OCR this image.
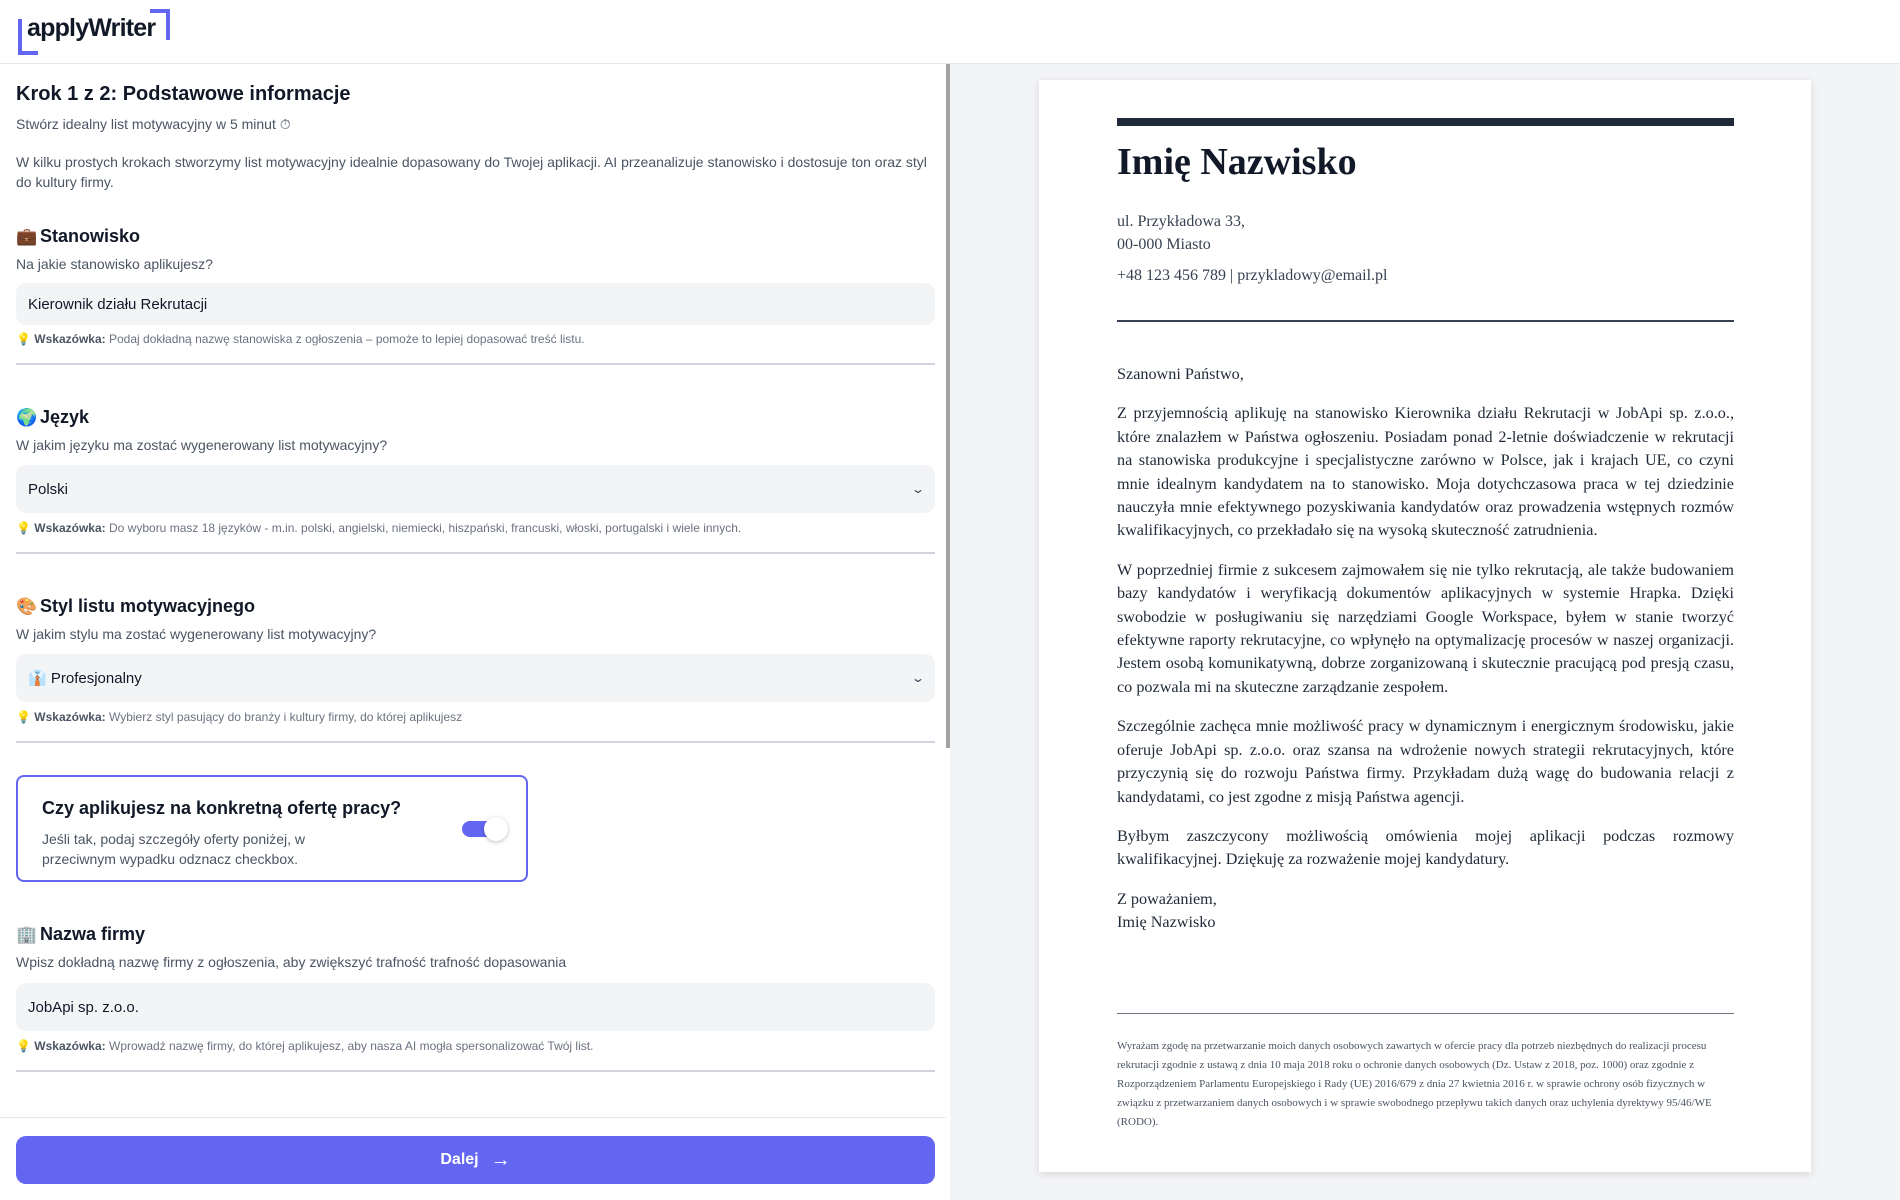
applyWriter
Krok 1 z 2: Podstawowe informacje
Stwórz idealny list motywacyjny w 5 minut ⏱
W kilku prostych krokach stworzymy list motywacyjny idealnie dopasowany do Twojej aplikacji. AI przeanalizuje stanowisko i dostosuje ton oraz styl do kultury firmy.
💼 Stanowisko
Na jakie stanowisko aplikujesz?
Kierownik działu Rekrutacji
💡 Wskazówka: Podaj dokładną nazwę stanowiska z ogłoszenia – pomoże to lepiej dopasować treść listu.
🌍 Język
W jakim języku ma zostać wygenerowany list motywacyjny?
Polski	⌄
💡 Wskazówka: Do wyboru masz 18 języków - m.in. polski, angielski, niemiecki, hiszpański, francuski, włoski, portugalski i wiele innych.
🎨 Styl listu motywacyjnego
W jakim stylu ma zostać wygenerowany list motywacyjny?
👔 Profesjonalny	⌄
💡 Wskazówka: Wybierz styl pasujący do branży i kultury firmy, do której aplikujesz
Czy aplikujesz na konkretną ofertę pracy?
Jeśli tak, podaj szczegóły oferty poniżej, w przeciwnym wypadku odznacz checkbox.
🏢 Nazwa firmy
Wpisz dokładną nazwę firmy z ogłoszenia, aby zwiększyć trafność trafność dopasowania
JobApi sp. z.o.o.
💡 Wskazówka: Wprowadź nazwę firmy, do której aplikujesz, aby nasza AI mogła spersonalizować Twój list.
Dalej →
Imię Nazwisko
ul. Przykładowa 33,
00-000 Miasto
+48 123 456 789 | przykladowy@email.pl

Szanowni Państwo,

Z przyjemnością aplikuję na stanowisko Kierownika działu Rekrutacji w JobApi sp. z.o.o., które znalazłem w Państwa ogłoszeniu. Posiadam ponad 2-letnie doświadczenie w rekrutacji na stanowiska produkcyjne i specjalistyczne zarówno w Polsce, jak i krajach UE, co czyni mnie idealnym kandydatem na to stanowisko. Moja dotychczasowa praca w tej dziedzinie nauczyła mnie efektywnego pozyskiwania kandydatów oraz prowadzenia wstępnych rozmów kwalifikacyjnych, co przekładało się na wysoką skuteczność zatrudnienia.

W poprzedniej firmie z sukcesem zajmowałem się nie tylko rekrutacją, ale także budowaniem bazy kandydatów i weryfikacją dokumentów aplikacyjnych w systemie Hrapka. Dzięki swobodzie w posługiwaniu się narzędziami Google Workspace, byłem w stanie tworzyć efektywne raporty rekrutacyjne, co wpłynęło na optymalizację procesów w naszej organizacji. Jestem osobą komunikatywną, dobrze zorganizowaną i skutecznie pracującą pod presją czasu, co pozwala mi na skuteczne zarządzanie zespołem.

Szczególnie zachęca mnie możliwość pracy w dynamicznym i energicznym środowisku, jakie oferuje JobApi sp. z.o.o. oraz szansa na wdrożenie nowych strategii rekrutacyjnych, które przyczynią się do rozwoju Państwa firmy. Przykładam dużą wagę do budowania relacji z kandydatami, co jest zgodne z misją Państwa agencji.

Byłbym zaszczycony możliwością omówienia mojej aplikacji podczas rozmowy kwalifikacyjnej. Dziękuję za rozważenie mojej kandydatury.

Z poważaniem,

Imię Nazwisko

Wyrażam zgodę na przetwarzanie moich danych osobowych zawartych w ofercie pracy dla potrzeb niezbędnych do realizacji procesu rekrutacji zgodnie z ustawą z dnia 10 maja 2018 roku o ochronie danych osobowych (Dz. Ustaw z 2018, poz. 1000) oraz zgodnie z Rozporządzeniem Parlamentu Europejskiego i Rady (UE) 2016/679 z dnia 27 kwietnia 2016 r. w sprawie ochrony osób fizycznych w związku z przetwarzaniem danych osobowych i w sprawie swobodnego przepływu takich danych oraz uchylenia dyrektywy 95/46/WE (RODO).
